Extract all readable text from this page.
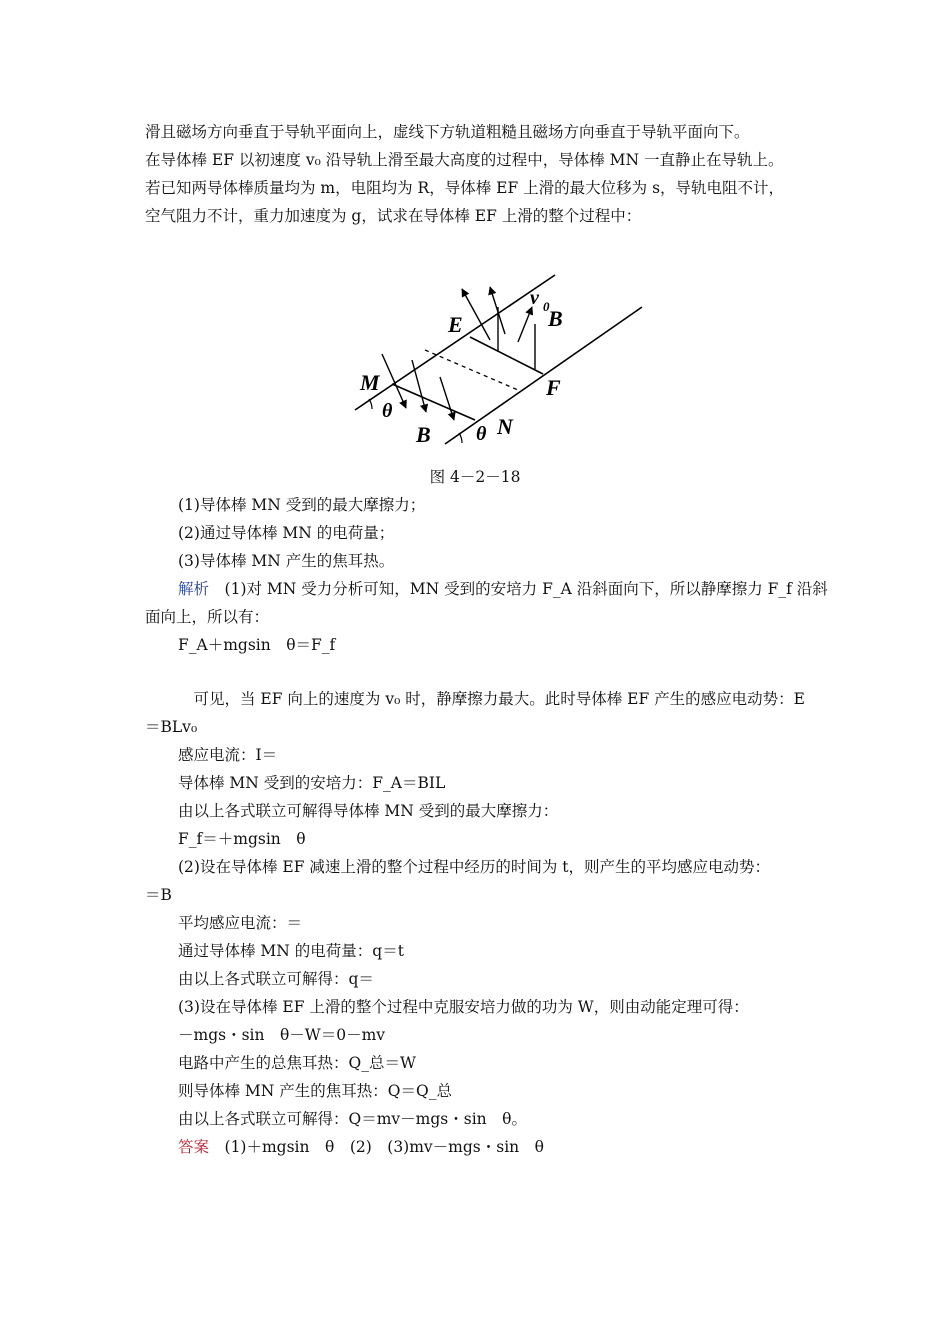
滑且磁场方向垂直于导轨平面向上，虚线下方轨道粗糙且磁场方向垂直于导轨平面向下。
在导体棒 EF 以初速度 v₀ 沿导轨上滑至最大高度的过程中，导体棒 MN 一直静止在导轨上。
若已知两导体棒质量均为 m，电阻均为 R，导体棒 EF 上滑的最大位移为 s，导轨电阻不计，
空气阻力不计，重力加速度为 g，试求在导体棒 EF 上滑的整个过程中：
E
F
M
N
B
B
v 0
θ
θ
图 4－2－18
(1)导体棒 MN 受到的最大摩擦力；
(2)通过导体棒 MN 的电荷量；
(3)导体棒 MN 产生的焦耳热。
解析　 (1)对 MN 受力分析可知，MN 受到的安培力 F_A 沿斜面向下，所以静摩擦力 F_f 沿斜
面向上，所以有：
F_A＋mgsin　θ＝F_f
　可见，当 EF 向上的速度为 v₀ 时，静摩擦力最大。此时导体棒 EF 产生的感应电动势：E
＝BLv₀
感应电流：I＝
导体棒 MN 受到的安培力：F_A＝BIL
由以上各式联立可解得导体棒 MN 受到的最大摩擦力：
F_f＝＋mgsin　θ
(2)设在导体棒 EF 减速上滑的整个过程中经历的时间为 t，则产生的平均感应电动势：
＝B
平均感应电流：＝
通过导体棒 MN 的电荷量：q＝t
由以上各式联立可解得：q＝
(3)设在导体棒 EF 上滑的整个过程中克服安培力做的功为 W，则由动能定理可得：
－mgs・sin　θ－W＝0－mv
电路中产生的总焦耳热：Q_总＝W
则导体棒 MN 产生的焦耳热：Q＝Q_总
由以上各式联立可解得：Q＝mv－mgs・sin　θ。
答案　(1)＋mgsin　θ　(2)　(3)mv－mgs・sin　θ
